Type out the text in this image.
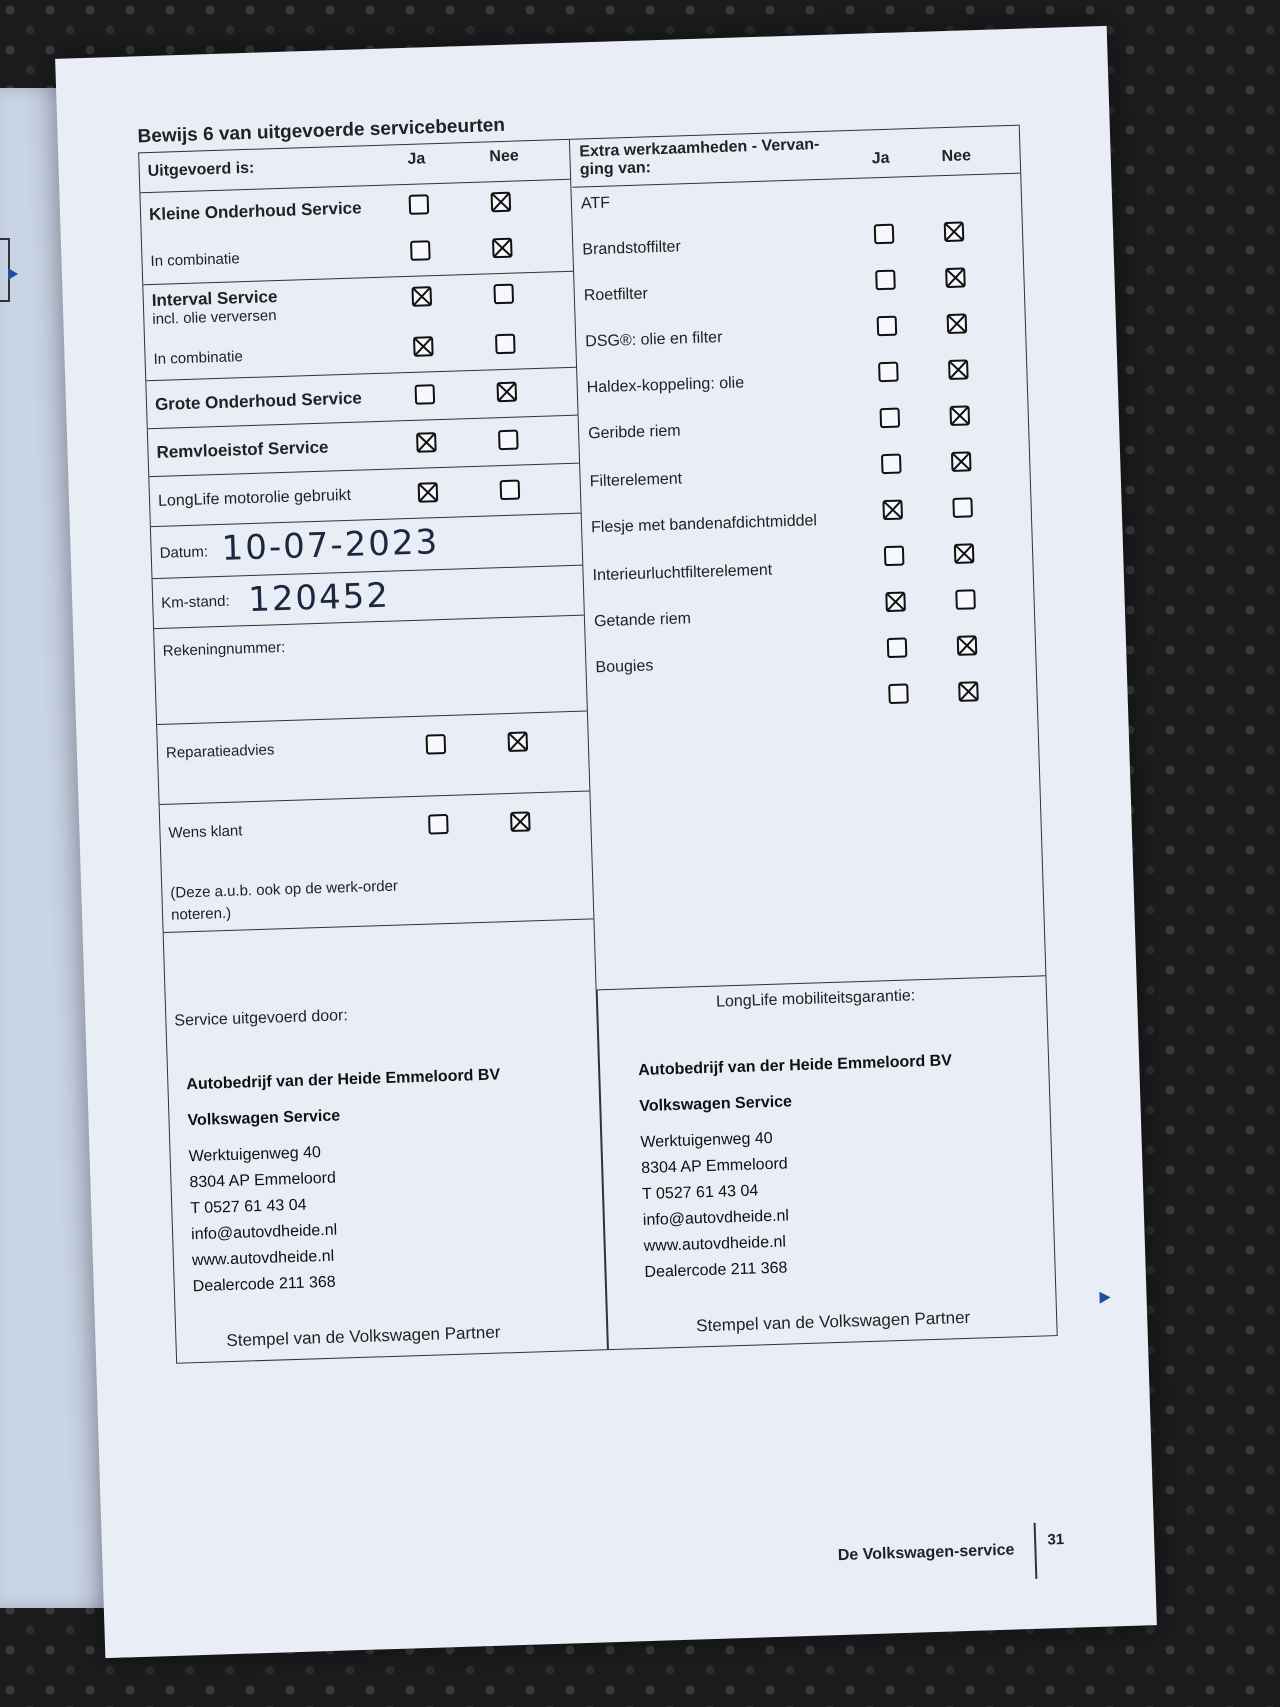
Bewijs 6 van uitgevoerde servicebeurten
Uitgevoerd is:
Ja	Nee
Kleine Onderhoud Service
In combinatie
Interval Service
incl. olie verversen
In combinatie
Grote Onderhoud Service
Remvloeistof Service
LongLife motorolie gebruikt
Datum: 10-07-2023
Km-stand: 120452
Rekeningnummer:
Reparatieadvies
Wens klant
(Deze a.u.b. ook op de werk-order noteren.)
Extra werkzaamheden - Vervan-ging van:
Ja	Nee
ATF
Brandstoffilter
Roetfilter
DSG®: olie en filter
Haldex-koppeling: olie
Geribde riem
Filterelement
Flesje met bandenafdichtmiddel
Interieurluchtfilterelement
Getande riem
Bougies
Service uitgevoerd door:
LongLife mobiliteitsgarantie:
Autobedrijf van der Heide Emmeloord BV
Volkswagen Service
Werktuigenweg 40
8304 AP Emmeloord
T 0527 61 43 04
info@autovdheide.nl
www.autovdheide.nl
Dealercode 211 368
Autobedrijf van der Heide Emmeloord BV
Volkswagen Service
Werktuigenweg 40
8304 AP Emmeloord
T 0527 61 43 04
info@autovdheide.nl
www.autovdheide.nl
Dealercode 211 368
Stempel van de Volkswagen Partner
Stempel van de Volkswagen Partner
De Volkswagen-service
31
